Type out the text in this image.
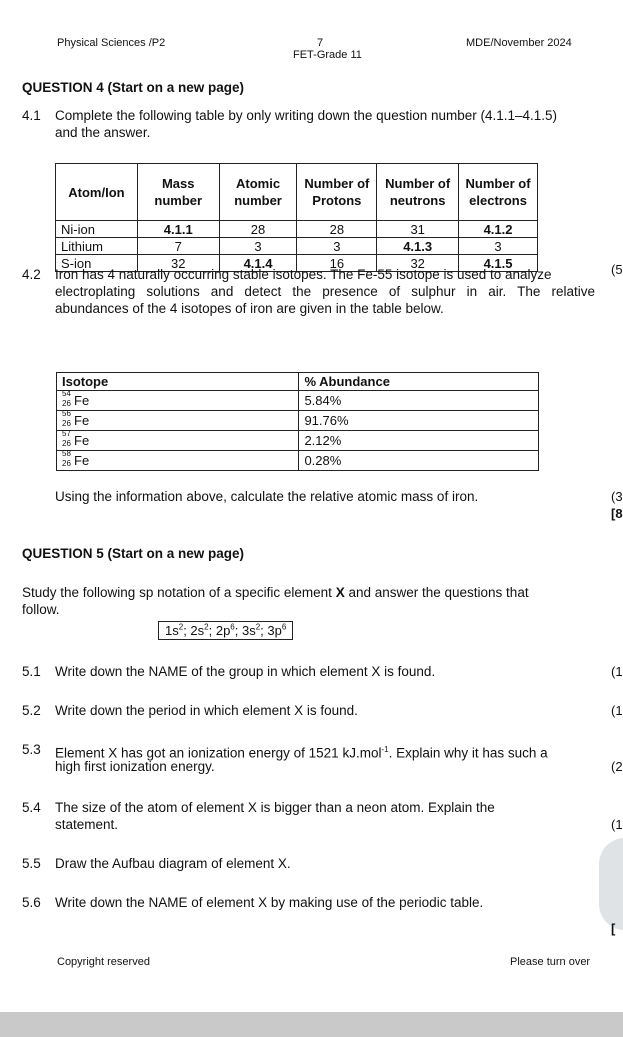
Physical Sciences /P2	7
FET-Grade 11
MDE/November 2024
QUESTION 4 (Start on a new page)
4.1 Complete the following table by only writing down the question number (4.1.1–4.1.5)
and the answer.
Atom/Ion	Mass number	Atomic number	Number of Protons	Number of neutrons	Number of electrons
Ni-ion	4.1.1	28	28	31	4.1.2
Lithium	7	3	3	4.1.3	3
S-ion	32	4.1.4	16	32	4.1.5	(5
4.2 Iron has 4 naturally occurring stable isotopes. The Fe-55 isotope is used to analyze
electroplating solutions and detect the presence of sulphur in air. The relative
abundances of the 4 isotopes of iron are given in the table below.
Isotope	% Abundance

54
26 Fe	5.84%

56
26 Fe	91.76%

57
26 Fe	2.12%

58
26 Fe	0.28%
Using the information above, calculate the relative atomic mass of iron.	(3
[8
QUESTION 5 (Start on a new page)
Study the following sp notation of a specific element X and answer the questions that
follow.
$1s^2$; $2s^2$; $2p^6$; $3s^2$; $3p^6$
5.1 Write down the NAME of the group in which element X is found.	(1
5.2 Write down the period in which element X is found.	(1
5.3 Element X has got an ionization energy of 1521 kJ.mol$^{-1}$. Explain why it has such a
high first ionization energy.	(2
5.4 The size of the atom of element X is bigger than a neon atom. Explain the
statement.	(1
5.5 Draw the Aufbau diagram of element X.
5.6 Write down the NAME of element X by making use of the periodic table.
[
Copyright reserved	Please turn over
